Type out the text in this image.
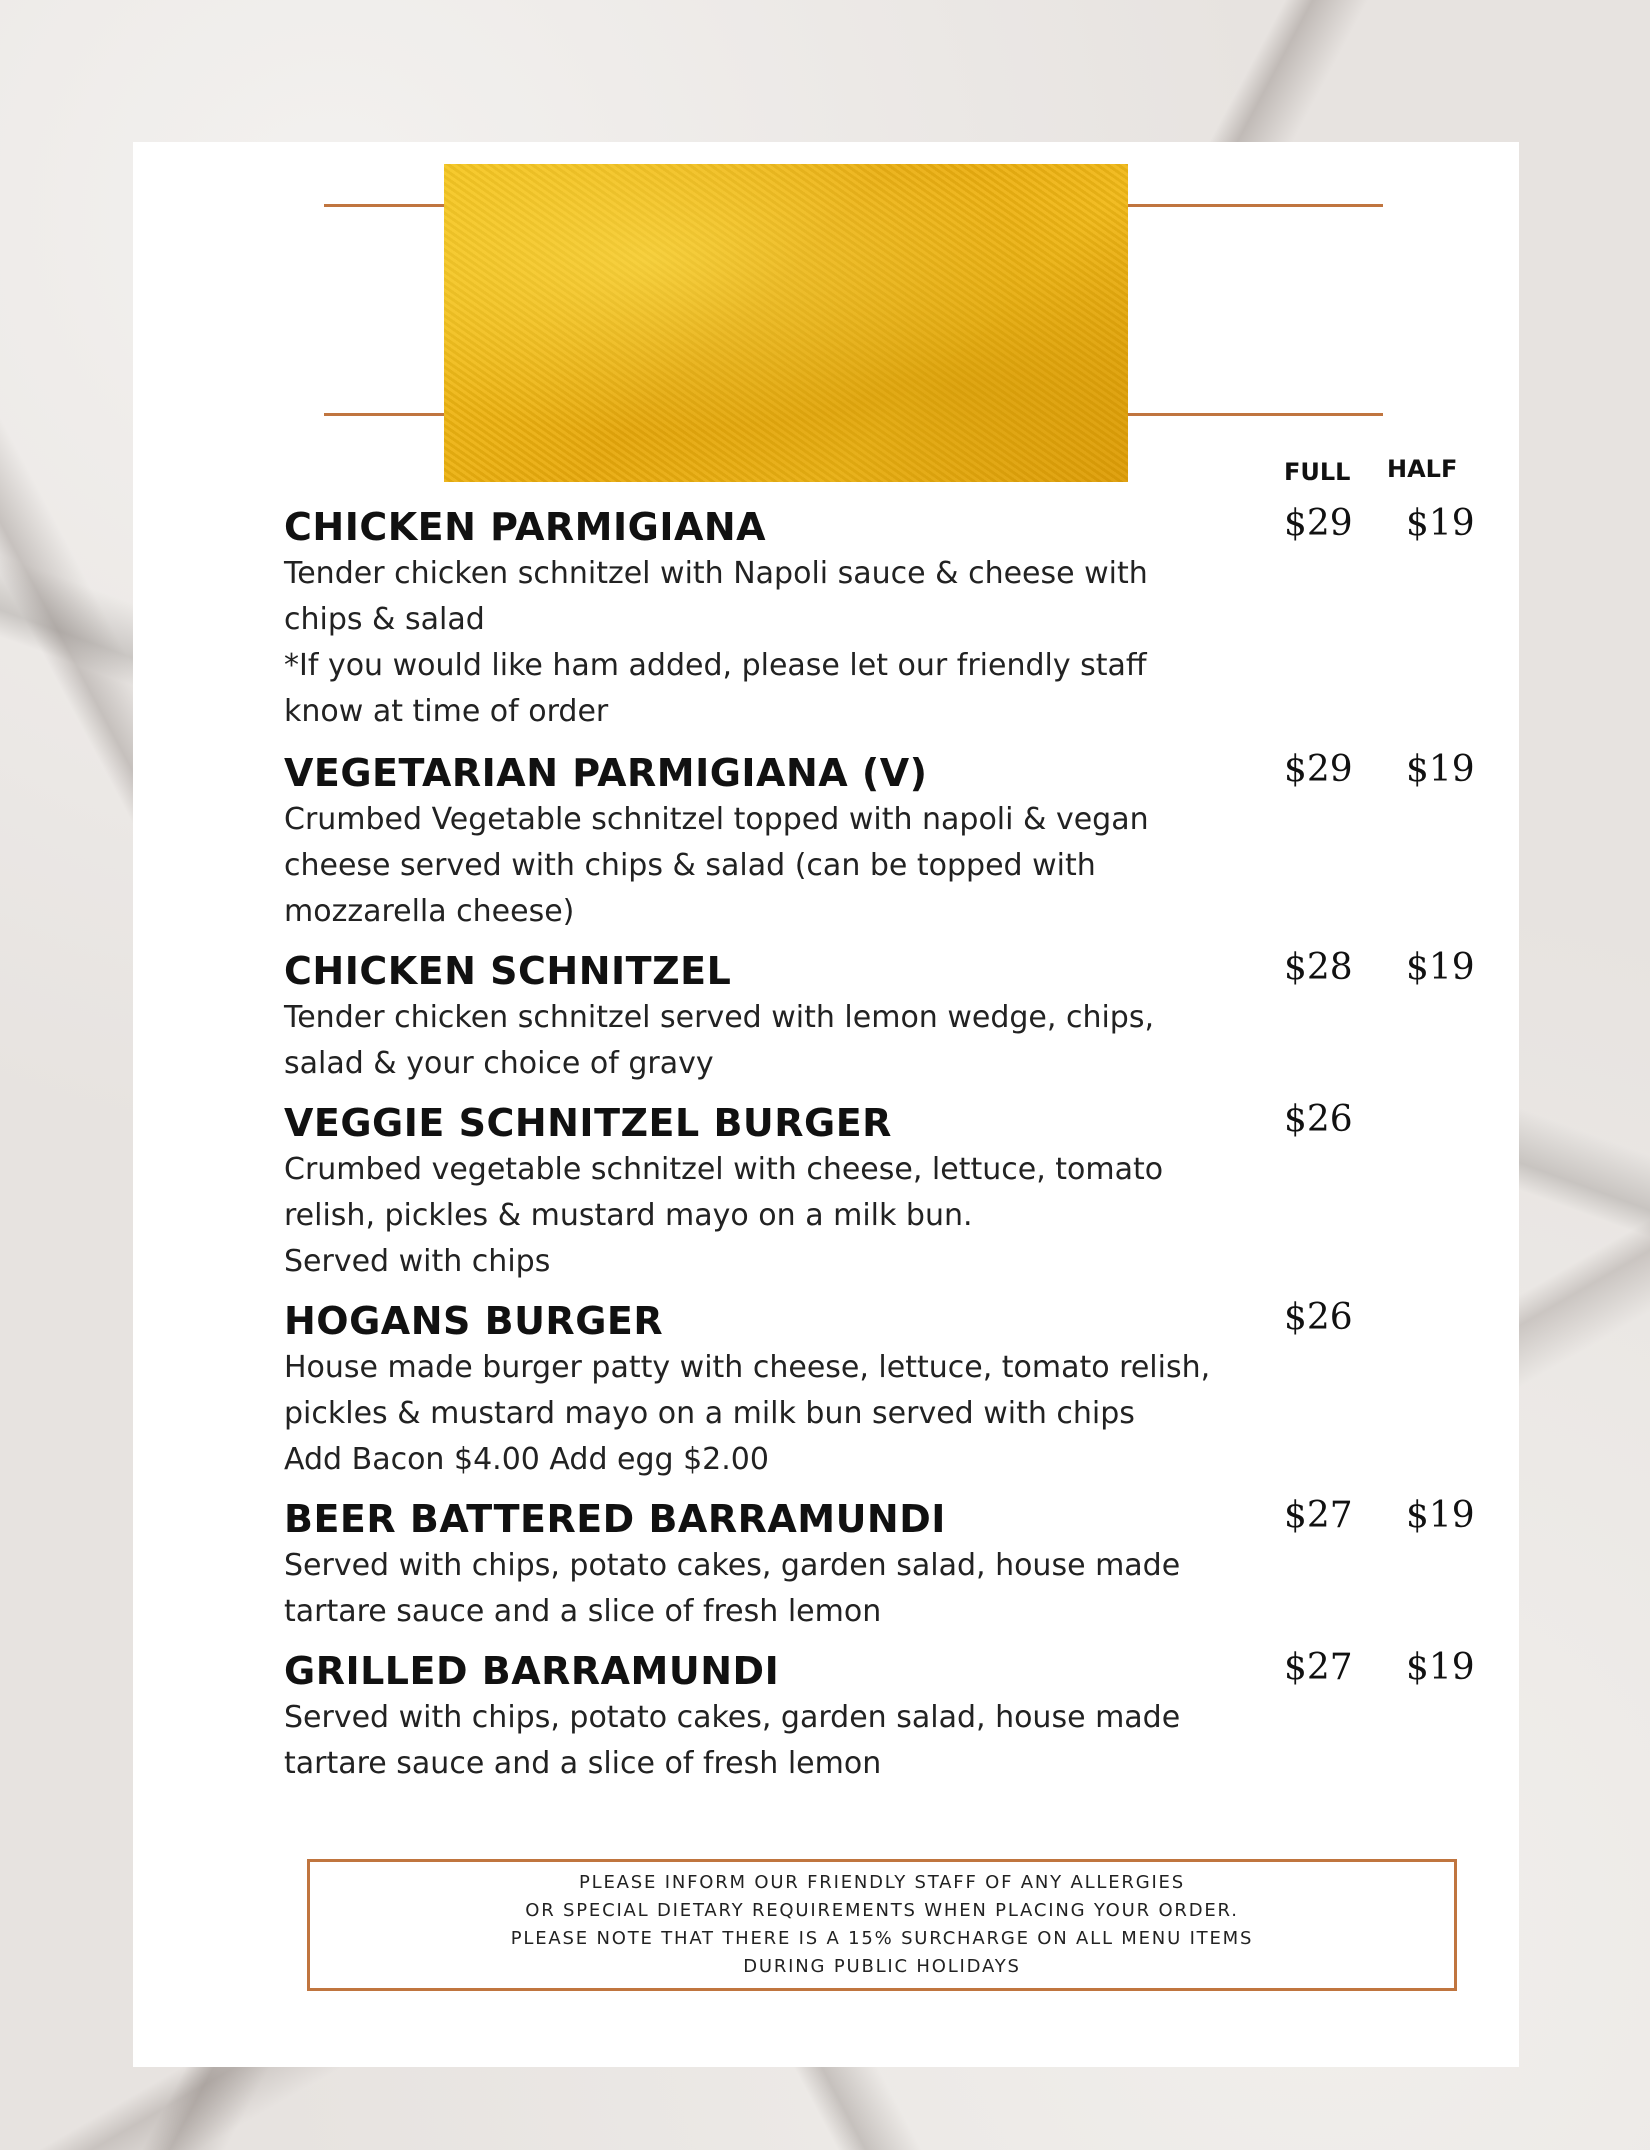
FULL HALF
CHICKEN PARMIGIANA
Tender chicken schnitzel with Napoli sauce & cheese with
chips & salad
*If you would like ham added, please let our friendly staff
know at time of order
$29 $19
VEGETARIAN PARMIGIANA (V)
Crumbed Vegetable schnitzel topped with napoli & vegan
cheese served with chips & salad (can be topped with
mozzarella cheese)
$29 $19
CHICKEN SCHNITZEL
Tender chicken schnitzel served with lemon wedge, chips,
salad & your choice of gravy
$28 $19
VEGGIE SCHNITZEL BURGER
Crumbed vegetable schnitzel with cheese, lettuce, tomato
relish, pickles & mustard mayo on a milk bun.
Served with chips
$26
HOGANS BURGER
House made burger patty with cheese, lettuce, tomato relish,
pickles & mustard mayo on a milk bun served with chips
Add Bacon $4.00 Add egg $2.00
$26
BEER BATTERED BARRAMUNDI
Served with chips, potato cakes, garden salad, house made
tartare sauce and a slice of fresh lemon
$27 $19
GRILLED BARRAMUNDI
Served with chips, potato cakes, garden salad, house made
tartare sauce and a slice of fresh lemon
$27 $19
PLEASE INFORM OUR FRIENDLY STAFF OF ANY ALLERGIES
OR SPECIAL DIETARY REQUIREMENTS WHEN PLACING YOUR ORDER.
PLEASE NOTE THAT THERE IS A 15% SURCHARGE ON ALL MENU ITEMS
DURING PUBLIC HOLIDAYS
